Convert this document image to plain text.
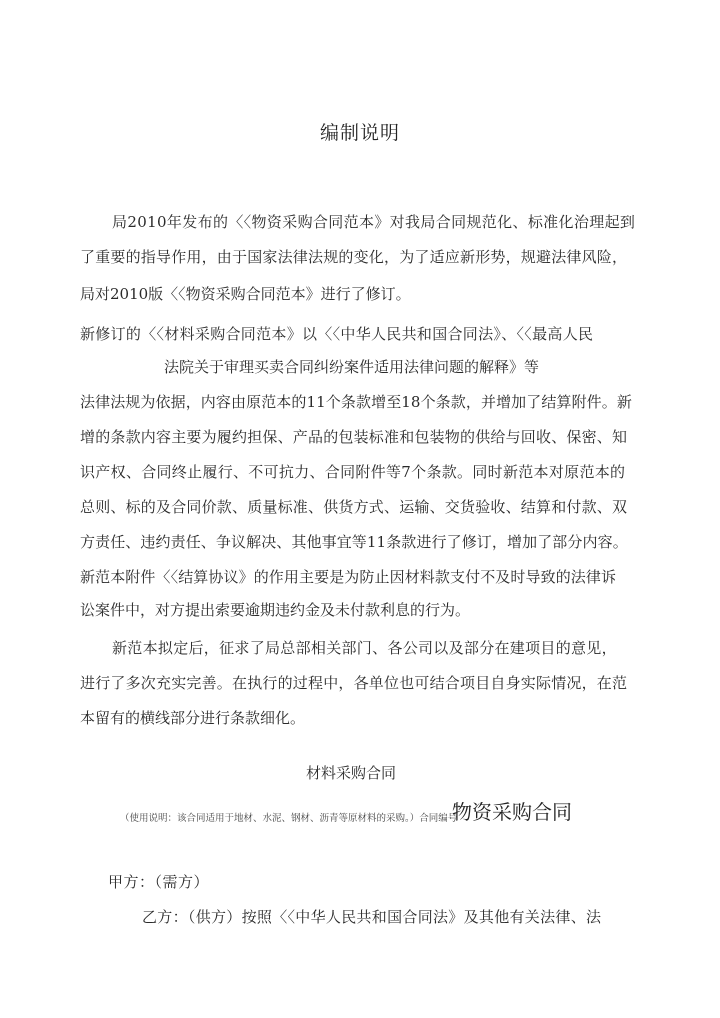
编制说明
局2010年发布的〈〈物资采购合同范本》对我局合同规范化、标准化治理起到
了重要的指导作用，由于国家法律法规的变化，为了适应新形势，规避法律风险，
局对2010版〈〈物资采购合同范本》进行了修订。
新修订的〈〈材料采购合同范本》以〈〈中华人民共和国合同法》、〈〈最高人民
法院关于审理买卖合同纠纷案件适用法律问题的解释》等
法律法规为依据，内容由原范本的11个条款增至18个条款，并增加了结算附件。新
增的条款内容主要为履约担保、产品的包装标准和包装物的供给与回收、保密、知
识产权、合同终止履行、不可抗力、合同附件等7个条款。同时新范本对原范本的
总则、标的及合同价款、质量标准、供货方式、运输、交货验收、结算和付款、双
方责任、违约责任、争议解决、其他事宜等11条款进行了修订，增加了部分内容。
新范本附件〈〈结算协议》的作用主要是为防止因材料款支付不及时导致的法律诉
讼案件中，对方提出索要逾期违约金及未付款利息的行为。
新范本拟定后，征求了局总部相关部门、各公司以及部分在建项目的意见，
进行了多次充实完善。在执行的过程中，各单位也可结合项目自身实际情况，在范
本留有的横线部分进行条款细化。
材料采购合同
（使用说明：该合同适用于地材、水泥、钢材、沥青等原材料的采购。）合同编号
物资采购合同
甲方：（需方）
乙方：（供方）按照〈〈中华人民共和国合同法》及其他有关法律、法
